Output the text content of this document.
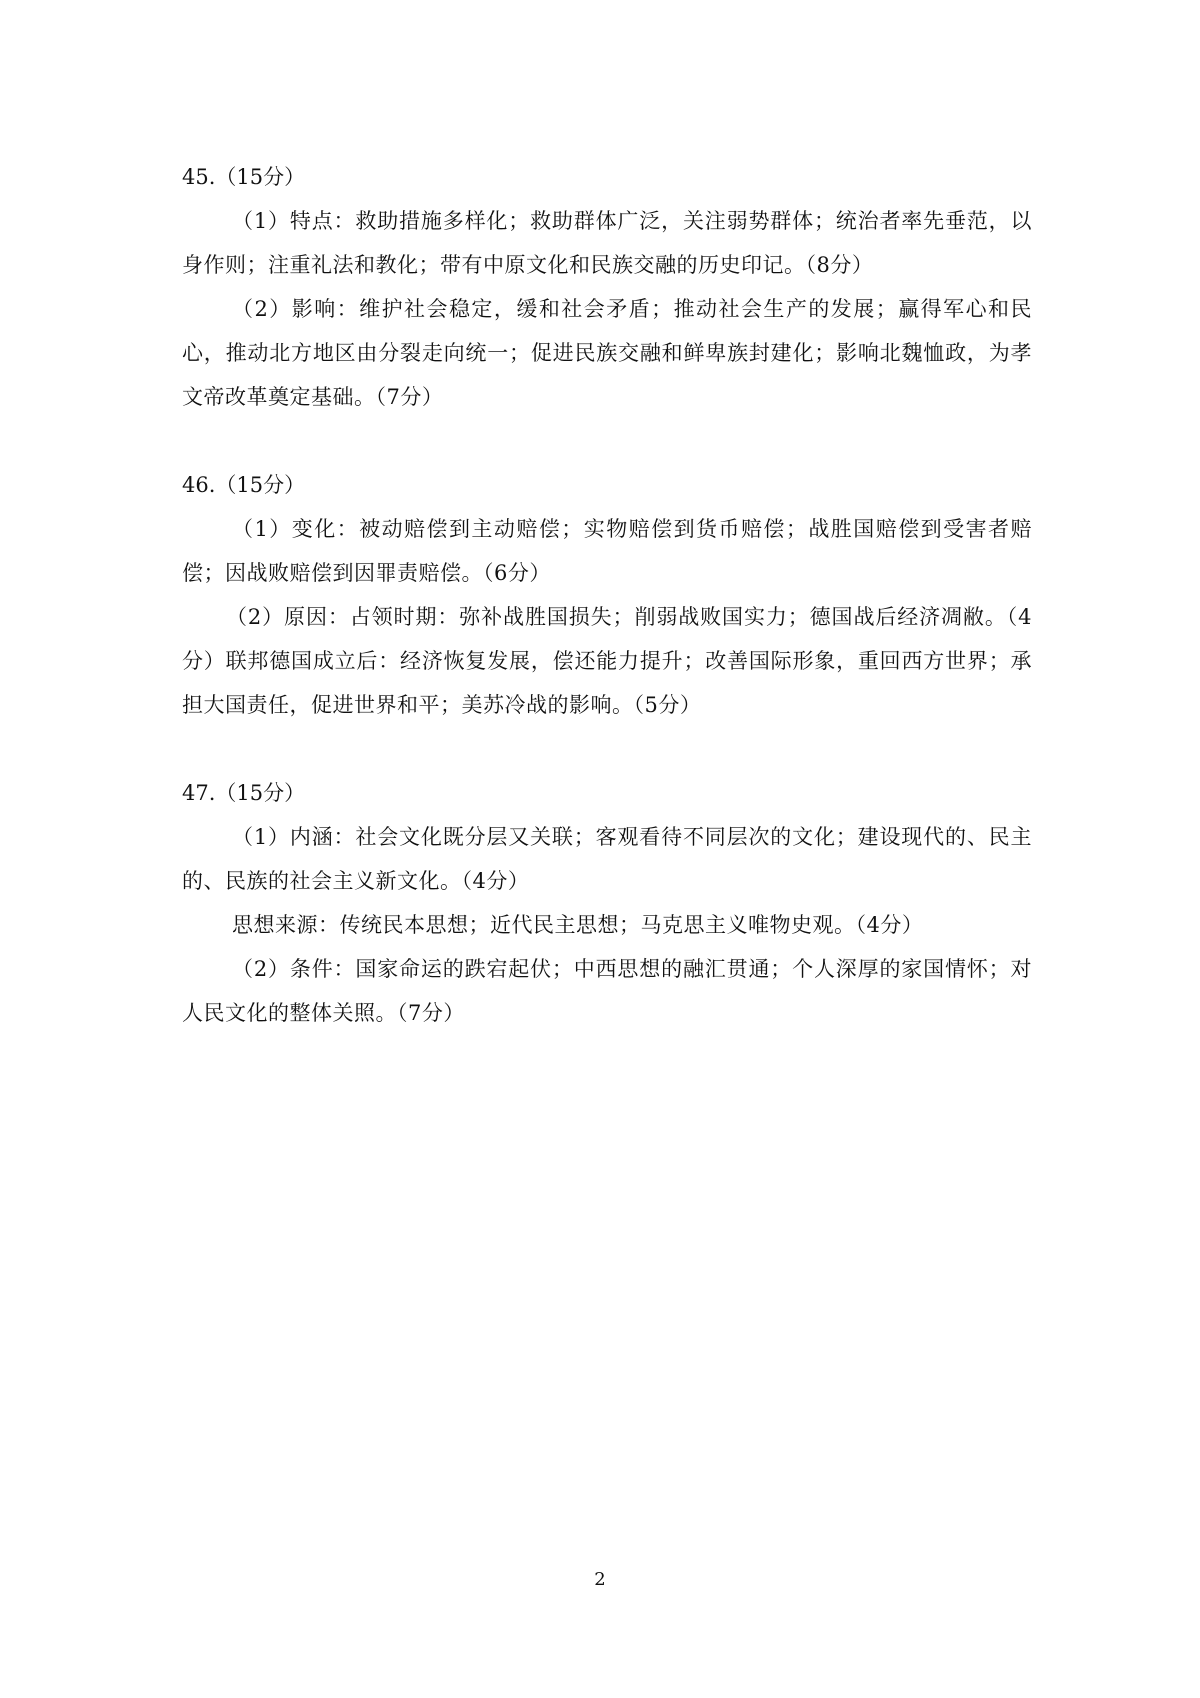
45.（15分）

（1）特点：救助措施多样化；救助群体广泛，关注弱势群体；统治者率先垂范，以身作则；注重礼法和教化；带有中原文化和民族交融的历史印记。（8分）

（2）影响：维护社会稳定，缓和社会矛盾；推动社会生产的发展；赢得军心和民心，推动北方地区由分裂走向统一；促进民族交融和鲜卑族封建化；影响北魏恤政，为孝文帝改革奠定基础。（7分）

46.（15分）

（1）变化：被动赔偿到主动赔偿；实物赔偿到货币赔偿；战胜国赔偿到受害者赔偿；因战败赔偿到因罪责赔偿。（6分）

（2）原因：占领时期：弥补战胜国损失；削弱战败国实力；德国战后经济凋敝。（4分）联邦德国成立后：经济恢复发展，偿还能力提升；改善国际形象，重回西方世界；承担大国责任，促进世界和平；美苏冷战的影响。（5分）

47.（15分）

（1）内涵：社会文化既分层又关联；客观看待不同层次的文化；建设现代的、民主的、民族的社会主义新文化。（4分）

思想来源：传统民本思想；近代民主思想；马克思主义唯物史观。（4分）

（2）条件：国家命运的跌宕起伏；中西思想的融汇贯通；个人深厚的家国情怀；对人民文化的整体关照。（7分）

2
